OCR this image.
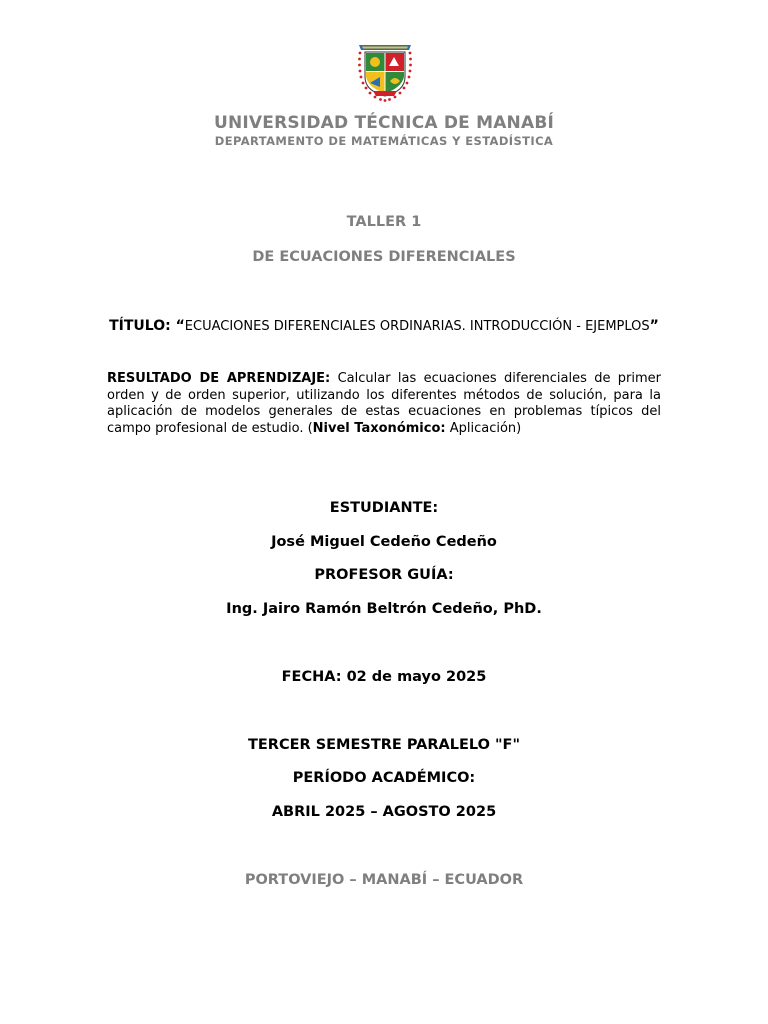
UNIVERSIDAD TÉCNICA DE MANABÍ
DEPARTAMENTO DE MATEMÁTICAS Y ESTADÍSTICA
TALLER 1
DE ECUACIONES DIFERENCIALES
TÍTULO: “ECUACIONES DIFERENCIALES ORDINARIAS. INTRODUCCIÓN - EJEMPLOS”
RESULTADO DE APRENDIZAJE: Calcular las ecuaciones diferenciales de primer orden y de orden superior, utilizando los diferentes métodos de solución, para la aplicación de modelos generales de estas ecuaciones en problemas típicos del campo profesional de estudio. (Nivel Taxonómico: Aplicación)
ESTUDIANTE:
José Miguel Cedeño Cedeño
PROFESOR GUÍA:
Ing. Jairo Ramón Beltrón Cedeño, PhD.
FECHA: 02 de mayo 2025
TERCER SEMESTRE PARALELO "F"
PERÍODO ACADÉMICO:
ABRIL 2025 – AGOSTO 2025
PORTOVIEJO – MANABÍ – ECUADOR
